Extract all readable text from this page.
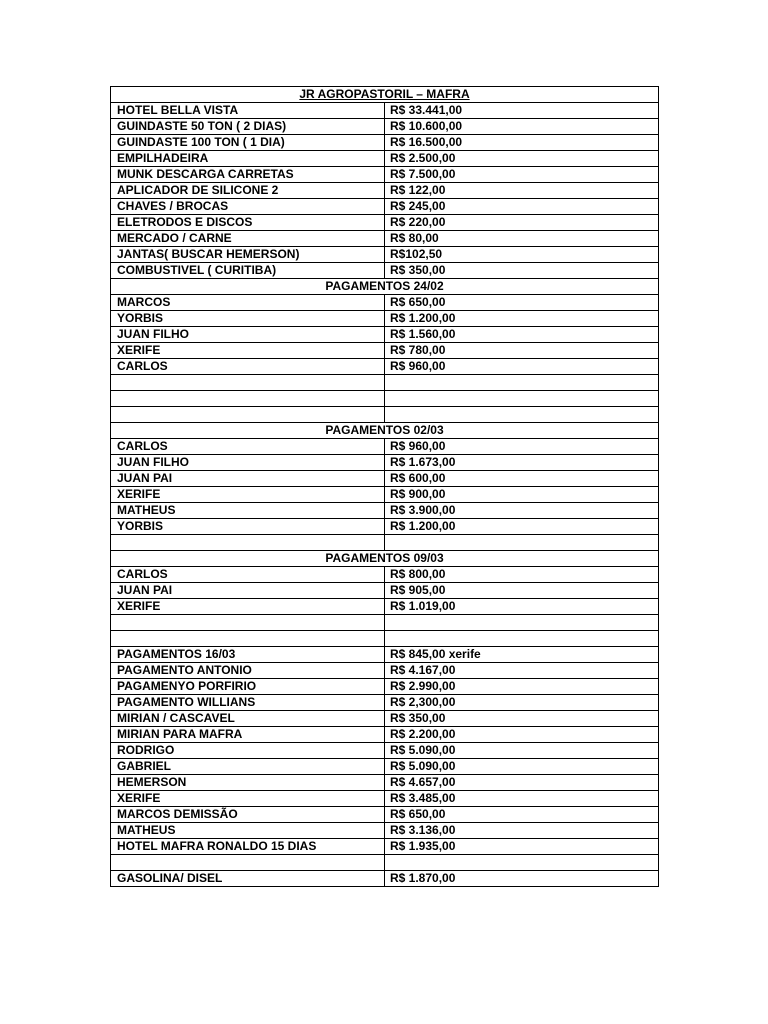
JR AGROPASTORIL – MAFRA	
HOTEL BELLA VISTA	R$ 33.441,00
GUINDASTE 50 TON ( 2 DIAS)	R$ 10.600,00
GUINDASTE 100 TON ( 1 DIA)	R$ 16.500,00
EMPILHADEIRA	R$ 2.500,00
MUNK DESCARGA CARRETAS	R$ 7.500,00
APLICADOR DE SILICONE 2	R$ 122,00
CHAVES / BROCAS	R$ 245,00
ELETRODOS E DISCOS	R$ 220,00
MERCADO / CARNE	R$ 80,00
JANTAS( BUSCAR HEMERSON)	R$102,50
COMBUSTIVEL ( CURITIBA)	R$ 350,00
PAGAMENTOS 24/02	
MARCOS	R$ 650,00
YORBIS	R$ 1.200,00
JUAN FILHO	R$ 1.560,00
XERIFE	R$ 780,00
CARLOS	R$ 960,00

PAGAMENTOS 02/03	
CARLOS	R$ 960,00
JUAN FILHO	R$ 1.673,00
JUAN PAI	R$ 600,00
XERIFE	R$ 900,00
MATHEUS	R$ 3.900,00
YORBIS	R$ 1.200,00

PAGAMENTOS 09/03	
CARLOS	R$ 800,00
JUAN PAI	R$ 905,00
XERIFE	R$ 1.019,00

PAGAMENTOS 16/03	R$ 845,00 xerife
PAGAMENTO ANTONIO	R$ 4.167,00
PAGAMENYO PORFIRIO	R$ 2.990,00
PAGAMENTO WILLIANS	R$ 2,300,00
MIRIAN / CASCAVEL	R$ 350,00
MIRIAN PARA MAFRA	R$ 2.200,00
RODRIGO	R$ 5.090,00
GABRIEL	R$ 5.090,00
HEMERSON	R$ 4.657,00
XERIFE	R$ 3.485,00
MARCOS DEMISSÃO	R$ 650,00
MATHEUS	R$ 3.136,00
HOTEL MAFRA RONALDO 15 DIAS	R$ 1.935,00

GASOLINA/ DISEL	R$ 1.870,00
